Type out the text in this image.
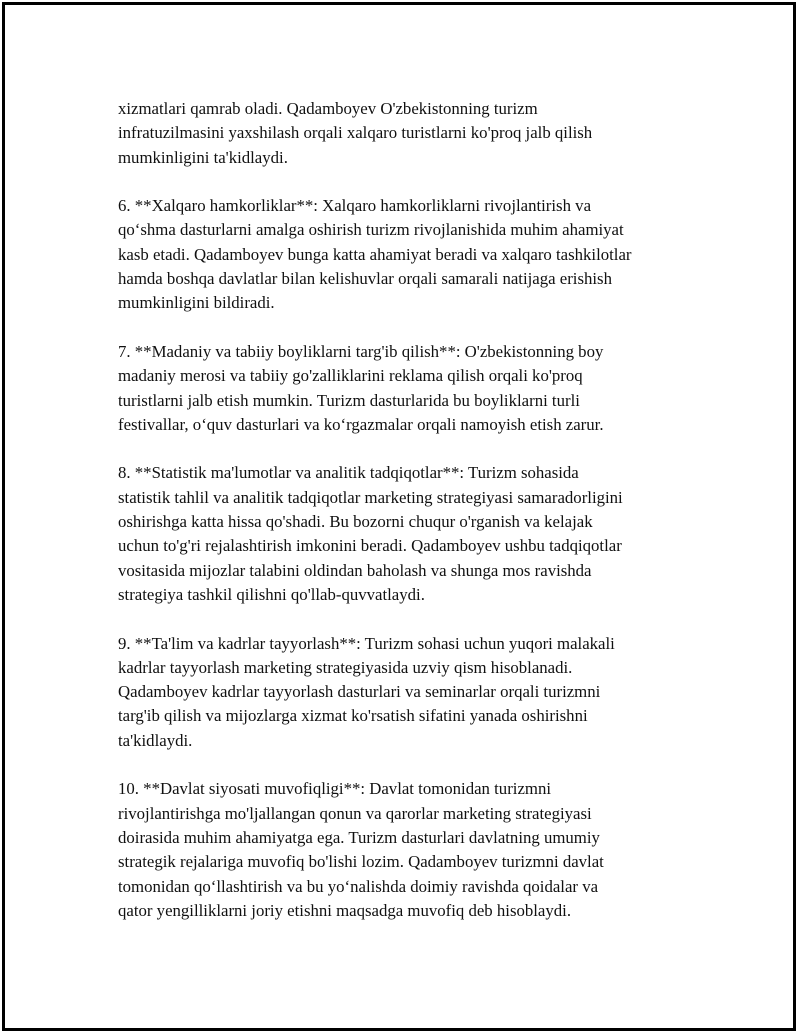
xizmatlari qamrab oladi. Qadamboyev O'zbekistonning turizm
infratuzilmasini yaxshilash orqali xalqaro turistlarni ko'proq jalb qilish
mumkinligini ta'kidlaydi.

6. **Xalqaro hamkorliklar**: Xalqaro hamkorliklarni rivojlantirish va
qo‘shma dasturlarni amalga oshirish turizm rivojlanishida muhim ahamiyat
kasb etadi. Qadamboyev bunga katta ahamiyat beradi va xalqaro tashkilotlar
hamda boshqa davlatlar bilan kelishuvlar orqali samarali natijaga erishish
mumkinligini bildiradi.

7. **Madaniy va tabiiy boyliklarni targ'ib qilish**: O'zbekistonning boy
madaniy merosi va tabiiy go'zalliklarini reklama qilish orqali ko'proq
turistlarni jalb etish mumkin. Turizm dasturlarida bu boyliklarni turli
festivallar, o‘quv dasturlari va ko‘rgazmalar orqali namoyish etish zarur.

8. **Statistik ma'lumotlar va analitik tadqiqotlar**: Turizm sohasida
statistik tahlil va analitik tadqiqotlar marketing strategiyasi samaradorligini
oshirishga katta hissa qo'shadi. Bu bozorni chuqur o'rganish va kelajak
uchun to'g'ri rejalashtirish imkonini beradi. Qadamboyev ushbu tadqiqotlar
vositasida mijozlar talabini oldindan baholash va shunga mos ravishda
strategiya tashkil qilishni qo'llab-quvvatlaydi.

9. **Ta'lim va kadrlar tayyorlash**: Turizm sohasi uchun yuqori malakali
kadrlar tayyorlash marketing strategiyasida uzviy qism hisoblanadi.
Qadamboyev kadrlar tayyorlash dasturlari va seminarlar orqali turizmni
targ'ib qilish va mijozlarga xizmat ko'rsatish sifatini yanada oshirishni
ta'kidlaydi.

10. **Davlat siyosati muvofiqligi**: Davlat tomonidan turizmni
rivojlantirishga mo'ljallangan qonun va qarorlar marketing strategiyasi
doirasida muhim ahamiyatga ega. Turizm dasturlari davlatning umumiy
strategik rejalariga muvofiq bo'lishi lozim. Qadamboyev turizmni davlat
tomonidan qo‘llashtirish va bu yo‘nalishda doimiy ravishda qoidalar va
qator yengilliklarni joriy etishni maqsadga muvofiq deb hisoblaydi.
